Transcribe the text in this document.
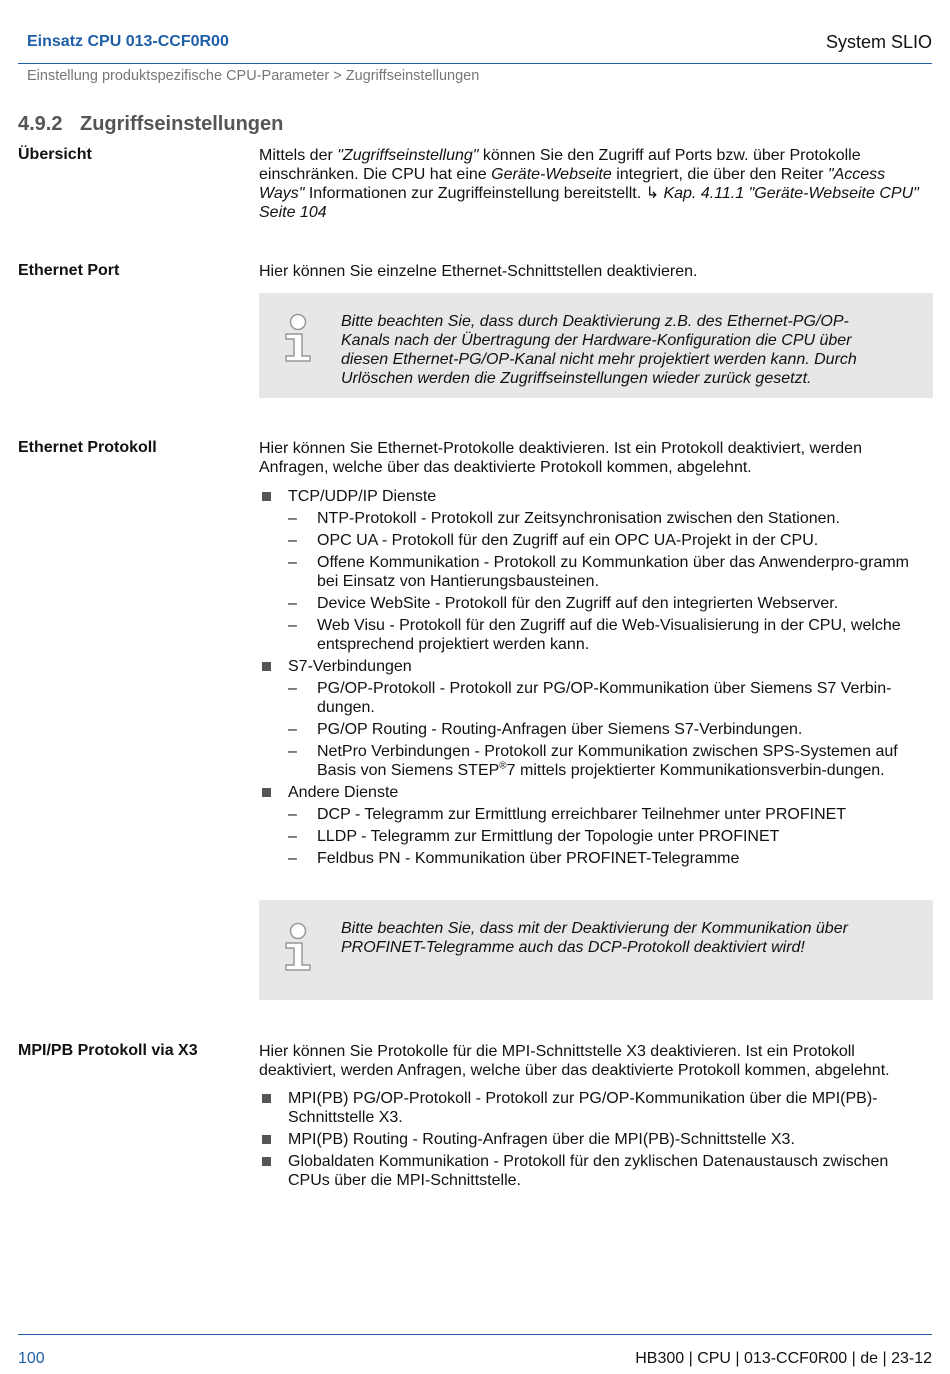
Einsatz CPU 013-CCF0R00	System SLIO
Einstellung produktspezifische CPU-Parameter > Zugriffseinstellungen
4.9.2 Zugriffseinstellungen
Übersicht	Mittels der "Zugriffseinstellung" können Sie den Zugriff auf Ports bzw. über Protokolle einschränken. Die CPU hat eine Geräte-Webseite integriert, die über den Reiter "Access Ways" Informationen zur Zugriffeinstellung bereitstellt. ↳ Kap. 4.11.1 "Geräte-Webseite CPU" Seite 104
Ethernet Port	Hier können Sie einzelne Ethernet-Schnittstellen deaktivieren.
Bitte beachten Sie, dass durch Deaktivierung z.B. des Ethernet-PG/OP-Kanals nach der Übertragung der Hardware-Konfiguration die CPU über diesen Ethernet-PG/OP-Kanal nicht mehr projektiert werden kann. Durch Urlöschen werden die Zugriffseinstellungen wieder zurück gesetzt.
Ethernet Protokoll	Hier können Sie Ethernet-Protokolle deaktivieren. Ist ein Protokoll deaktiviert, werden Anfragen, welche über das deaktivierte Protokoll kommen, abgelehnt.
TCP/UDP/IP Dienste
– NTP-Protokoll - Protokoll zur Zeitsynchronisation zwischen den Stationen.
– OPC UA - Protokoll für den Zugriff auf ein OPC UA-Projekt in der CPU.
– Offene Kommunikation - Protokoll zu Kommunkation über das Anwenderpro-gramm bei Einsatz von Hantierungsbausteinen.
– Device WebSite - Protokoll für den Zugriff auf den integrierten Webserver.
– Web Visu - Protokoll für den Zugriff auf die Web-Visualisierung in der CPU, welche entsprechend projektiert werden kann.
S7-Verbindungen
– PG/OP-Protokoll - Protokoll zur PG/OP-Kommunikation über Siemens S7 Verbin-dungen.
– PG/OP Routing - Routing-Anfragen über Siemens S7-Verbindungen.
– NetPro Verbindungen - Protokoll zur Kommunikation zwischen SPS-Systemen auf Basis von Siemens STEP®7 mittels projektierter Kommunikationsverbin-dungen.
Andere Dienste
– DCP - Telegramm zur Ermittlung erreichbarer Teilnehmer unter PROFINET
– LLDP - Telegramm zur Ermittlung der Topologie unter PROFINET
– Feldbus PN - Kommunikation über PROFINET-Telegramme
Bitte beachten Sie, dass mit der Deaktivierung der Kommunikation über PROFINET-Telegramme auch das DCP-Protokoll deaktiviert wird!
MPI/PB Protokoll via X3	Hier können Sie Protokolle für die MPI-Schnittstelle X3 deaktivieren. Ist ein Protokoll deaktiviert, werden Anfragen, welche über das deaktivierte Protokoll kommen, abgelehnt.
MPI(PB) PG/OP-Protokoll - Protokoll zur PG/OP-Kommunikation über die MPI(PB)-Schnittstelle X3.
MPI(PB) Routing - Routing-Anfragen über die MPI(PB)-Schnittstelle X3.
Globaldaten Kommunikation - Protokoll für den zyklischen Datenaustausch zwischen CPUs über die MPI-Schnittstelle.
100	HB300 | CPU | 013-CCF0R00 | de | 23-12
